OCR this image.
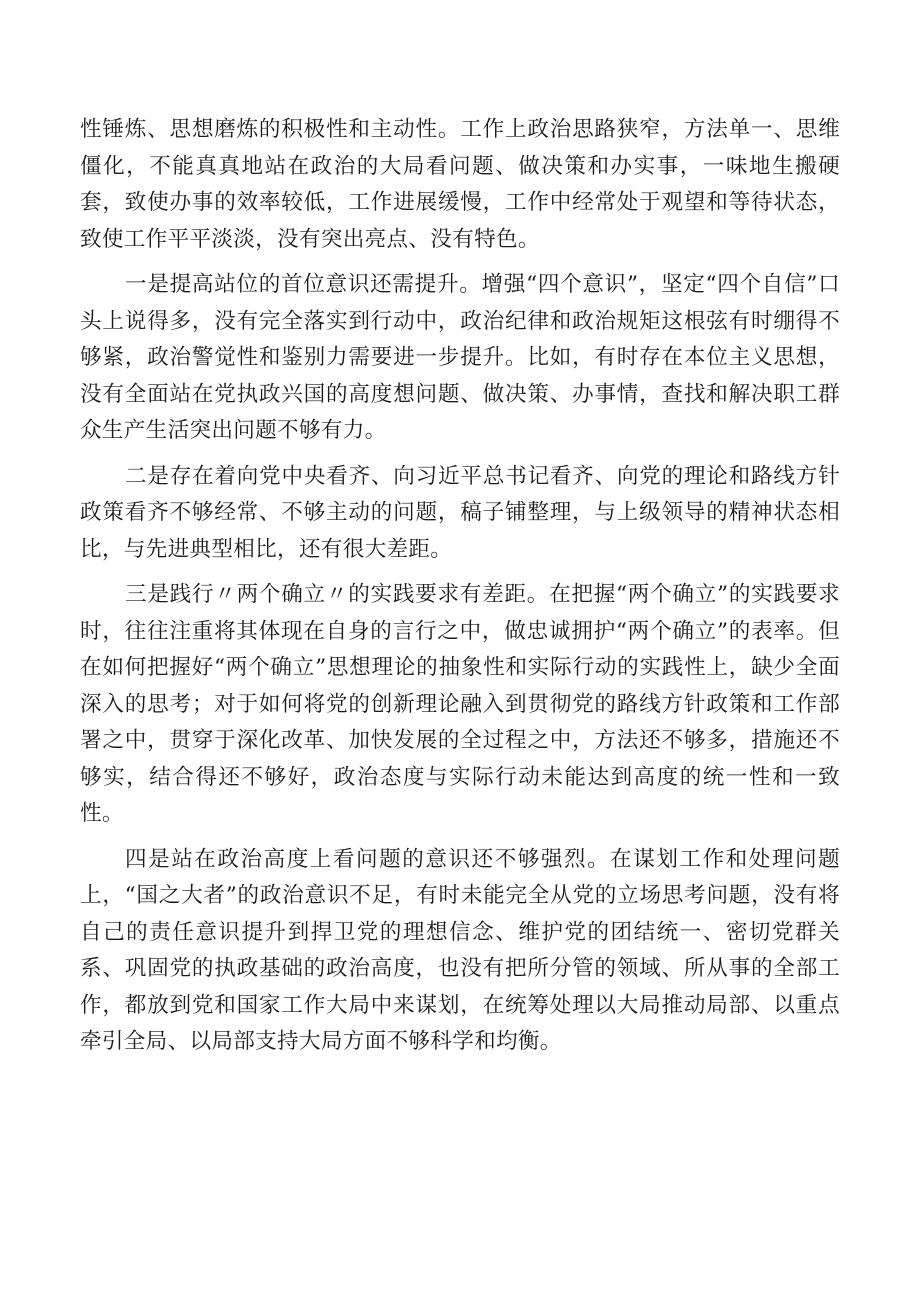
性锤炼、思想磨炼的积极性和主动性。工作上政治思路狭窄，方法单一、思维僵化，不能真真地站在政治的大局看问题、做决策和办实事，一味地生搬硬套，致使办事的效率较低，工作进展缓慢，工作中经常处于观望和等待状态，致使工作平平淡淡，没有突出亮点、没有特色。

一是提高站位的首位意识还需提升。增强“四个意识”，坚定“四个自信”口头上说得多，没有完全落实到行动中，政治纪律和政治规矩这根弦有时绷得不够紧，政治警觉性和鉴别力需要进一步提升。比如，有时存在本位主义思想，没有全面站在党执政兴国的高度想问题、做决策、办事情，查找和解决职工群众生产生活突出问题不够有力。

二是存在着向党中央看齐、向习近平总书记看齐、向党的理论和路线方针政策看齐不够经常、不够主动的问题，稿子铺整理，与上级领导的精神状态相比，与先进典型相比，还有很大差距。

三是践行〃两个确立〃的实践要求有差距。在把握“两个确立”的实践要求时，往往注重将其体现在自身的言行之中，做忠诚拥护“两个确立”的表率。但在如何把握好“两个确立”思想理论的抽象性和实际行动的实践性上，缺少全面深入的思考；对于如何将党的创新理论融入到贯彻党的路线方针政策和工作部署之中，贯穿于深化改革、加快发展的全过程之中，方法还不够多，措施还不够实，结合得还不够好，政治态度与实际行动未能达到高度的统一性和一致性。

四是站在政治高度上看问题的意识还不够强烈。在谋划工作和处理问题上，“国之大者”的政治意识不足，有时未能完全从党的立场思考问题，没有将自己的责任意识提升到捍卫党的理想信念、维护党的团结统一、密切党群关系、巩固党的执政基础的政治高度，也没有把所分管的领域、所从事的全部工作，都放到党和国家工作大局中来谋划，在统筹处理以大局推动局部、以重点牵引全局、以局部支持大局方面不够科学和均衡。
